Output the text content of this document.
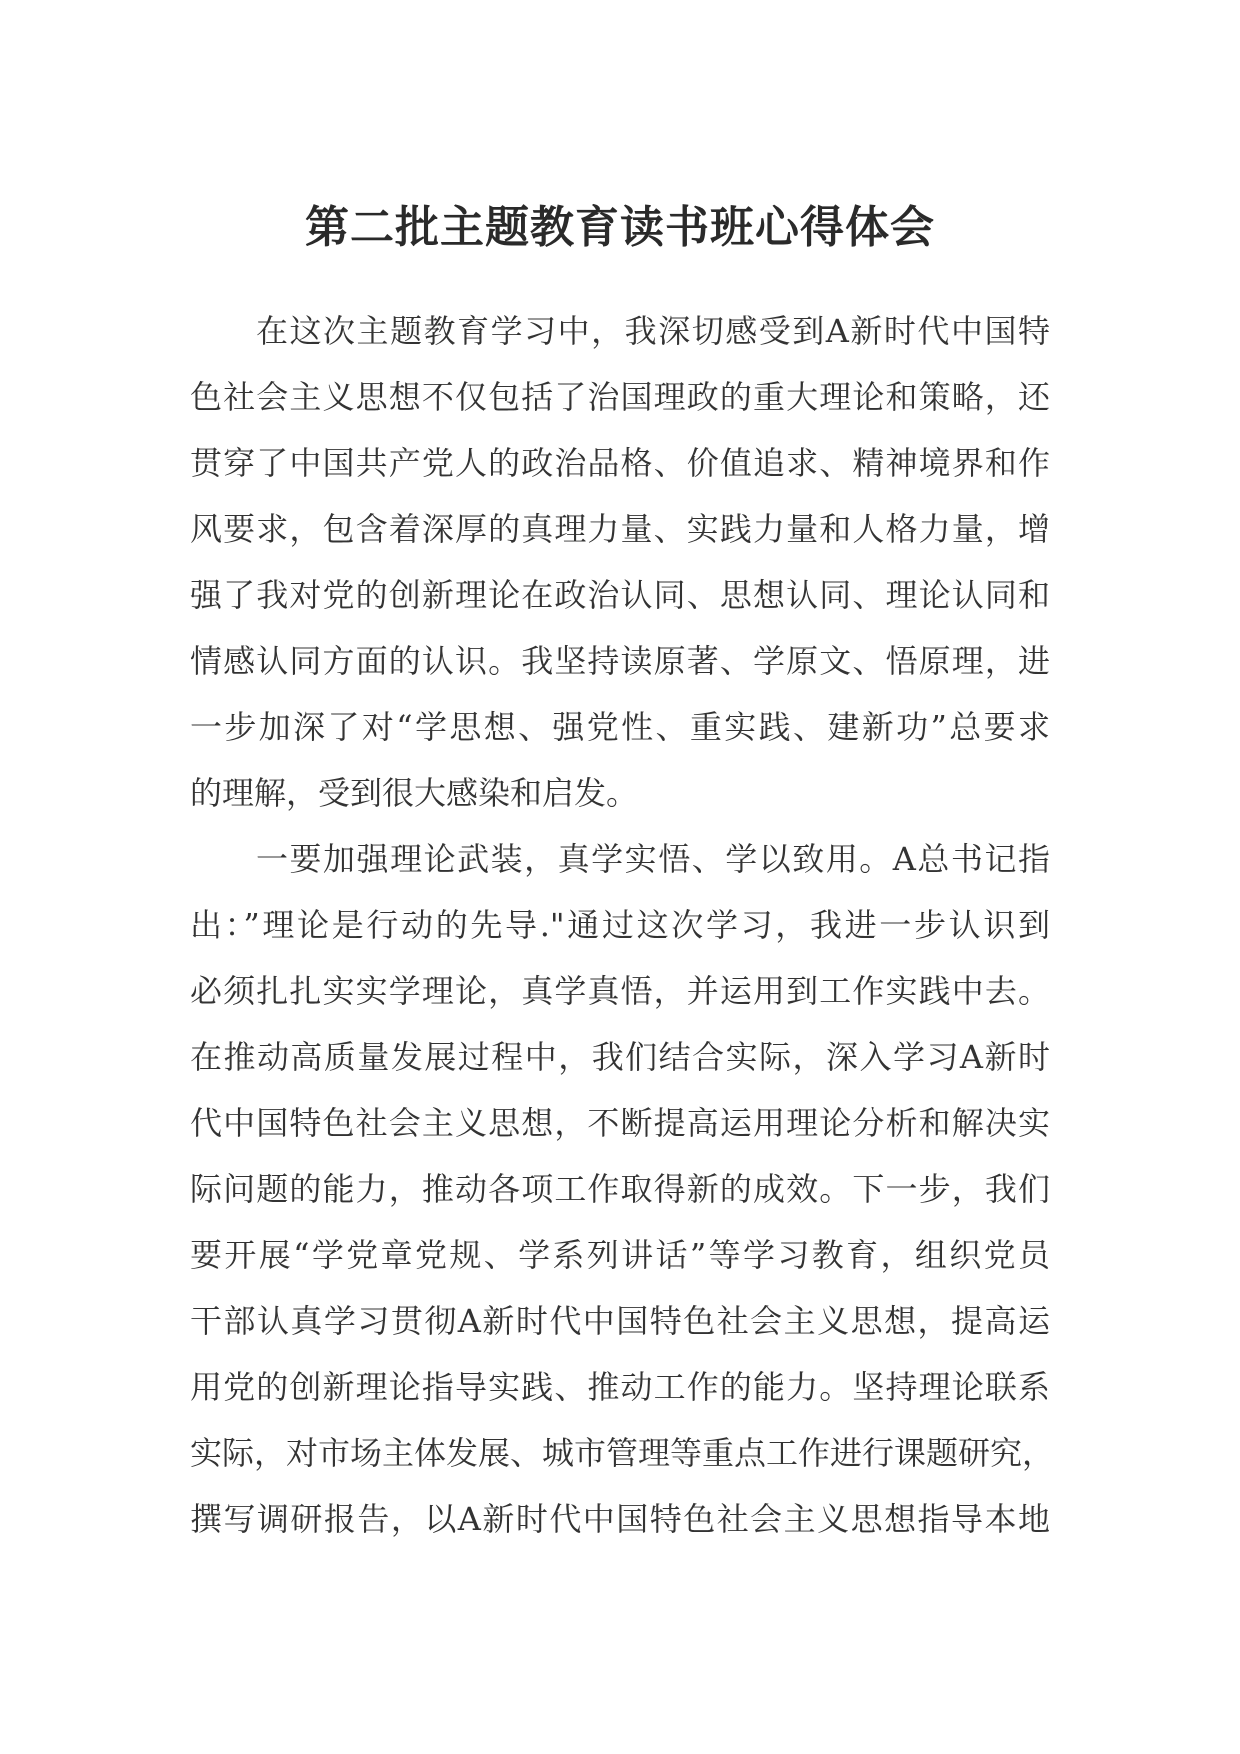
第二批主题教育读书班心得体会
在这次主题教育学习中，我深切感受到A新时代中国特
色社会主义思想不仅包括了治国理政的重大理论和策略，还
贯穿了中国共产党人的政治品格、价值追求、精神境界和作
风要求，包含着深厚的真理力量、实践力量和人格力量，增
强了我对党的创新理论在政治认同、思想认同、理论认同和
情感认同方面的认识。我坚持读原著、学原文、悟原理，进
一步加深了对“学思想、强党性、重实践、建新功”总要求
的理解，受到很大感染和启发。
一要加强理论武装，真学实悟、学以致用。A总书记指
出：”理论是行动的先导."通过这次学习，我进一步认识到
必须扎扎实实学理论，真学真悟，并运用到工作实践中去。
在推动高质量发展过程中，我们结合实际，深入学习A新时
代中国特色社会主义思想，不断提高运用理论分析和解决实
际问题的能力，推动各项工作取得新的成效。下一步，我们
要开展“学党章党规、学系列讲话”等学习教育，组织党员
干部认真学习贯彻A新时代中国特色社会主义思想，提高运
用党的创新理论指导实践、推动工作的能力。坚持理论联系
实际，对市场主体发展、城市管理等重点工作进行课题研究，
撰写调研报告，以A新时代中国特色社会主义思想指导本地
